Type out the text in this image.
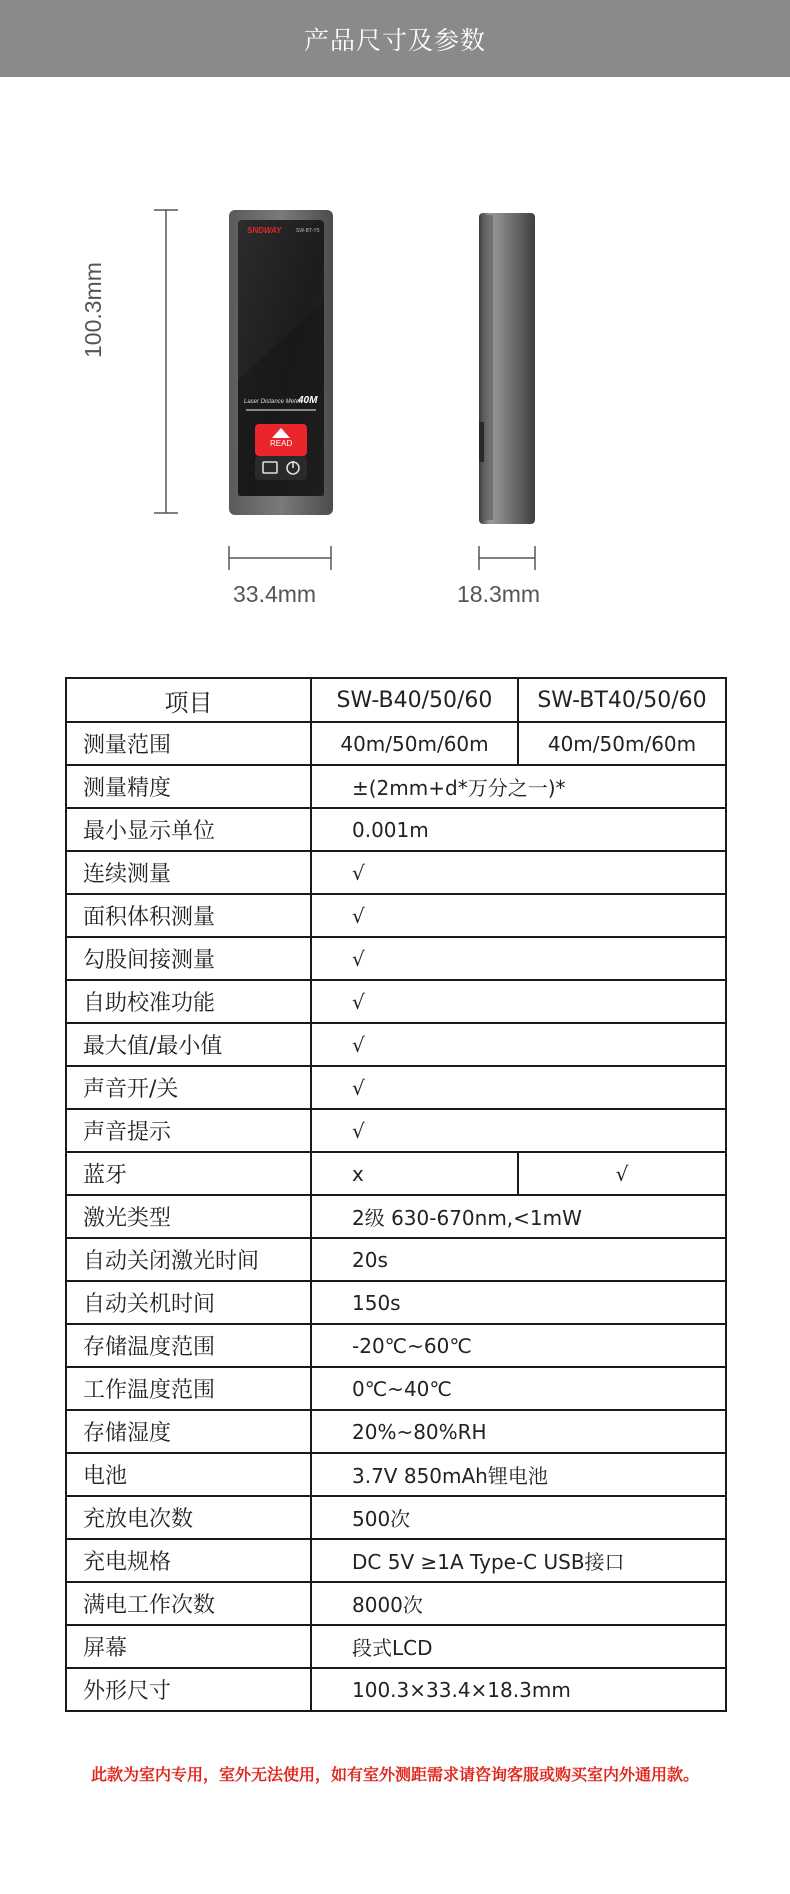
产品尺寸及参数
SNDWAY	SW-BT-Y5
Laser Distance Meter
40M
READ
100.3mm
33.4mm	18.3mm
项目	SW-B40/50/60	SW-BT40/50/60
测量范围	40m/50m/60m	40m/50m/60m
测量精度	±(2mm+d*万分之一)*	
最小显示单位	0.001m	
连续测量	√	
面积体积测量	√	
勾股间接测量	√	
自助校准功能	√	
最大值/最小值	√	
声音开/关	√	
声音提示	√	
蓝牙	x	√
激光类型	2级 630-670nm,<1mW	
自动关闭激光时间	20s	
自动关机时间	150s	
存储温度范围	-20℃~60℃	
工作温度范围	0℃~40℃	
存储湿度	20%~80%RH	
电池	3.7V 850mAh锂电池	
充放电次数	500次	
充电规格	DC 5V ≥1A Type-C USB接口	
满电工作次数	8000次	
屏幕	段式LCD	
外形尺寸	100.3×33.4×18.3mm	
此款为室内专用，室外无法使用，如有室外测距需求请咨询客服或购买室内外通用款。
